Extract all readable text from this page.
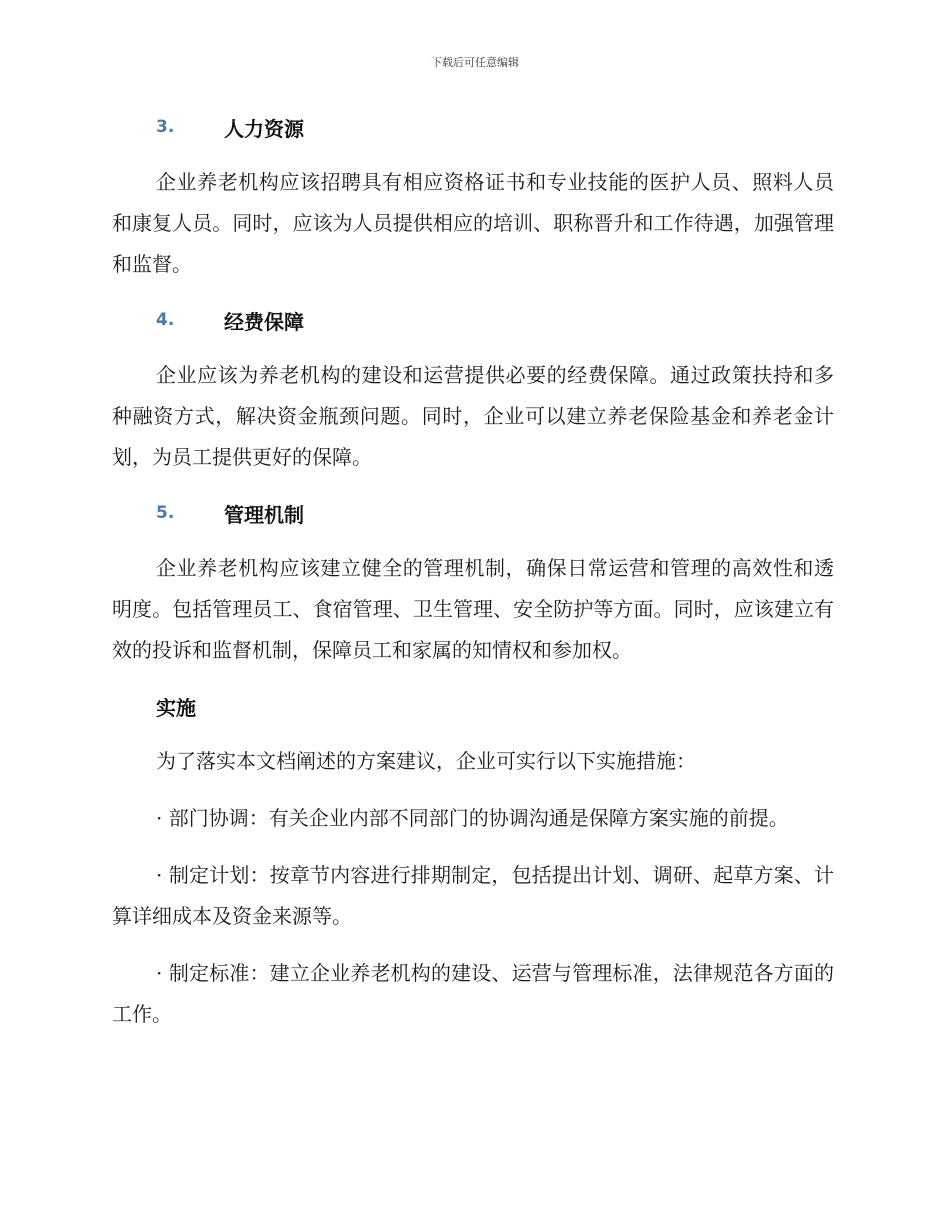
下载后可任意编辑
3.	人力资源

企业养老机构应该招聘具有相应资格证书和专业技能的医护人员、照料人员和康复人员。同时，应该为人员提供相应的培训、职称晋升和工作待遇，加强管理和监督。

4.	经费保障

企业应该为养老机构的建设和运营提供必要的经费保障。通过政策扶持和多种融资方式，解决资金瓶颈问题。同时，企业可以建立养老保险基金和养老金计划，为员工提供更好的保障。

5.	管理机制

企业养老机构应该建立健全的管理机制，确保日常运营和管理的高效性和透明度。包括管理员工、食宿管理、卫生管理、安全防护等方面。同时，应该建立有效的投诉和监督机制，保障员工和家属的知情权和参加权。

实施

为了落实本文档阐述的方案建议，企业可实行以下实施措施：

· 部门协调：有关企业内部不同部门的协调沟通是保障方案实施的前提。

· 制定计划：按章节内容进行排期制定，包括提出计划、调研、起草方案、计算详细成本及资金来源等。

· 制定标准：建立企业养老机构的建设、运营与管理标准，法律规范各方面的工作。
